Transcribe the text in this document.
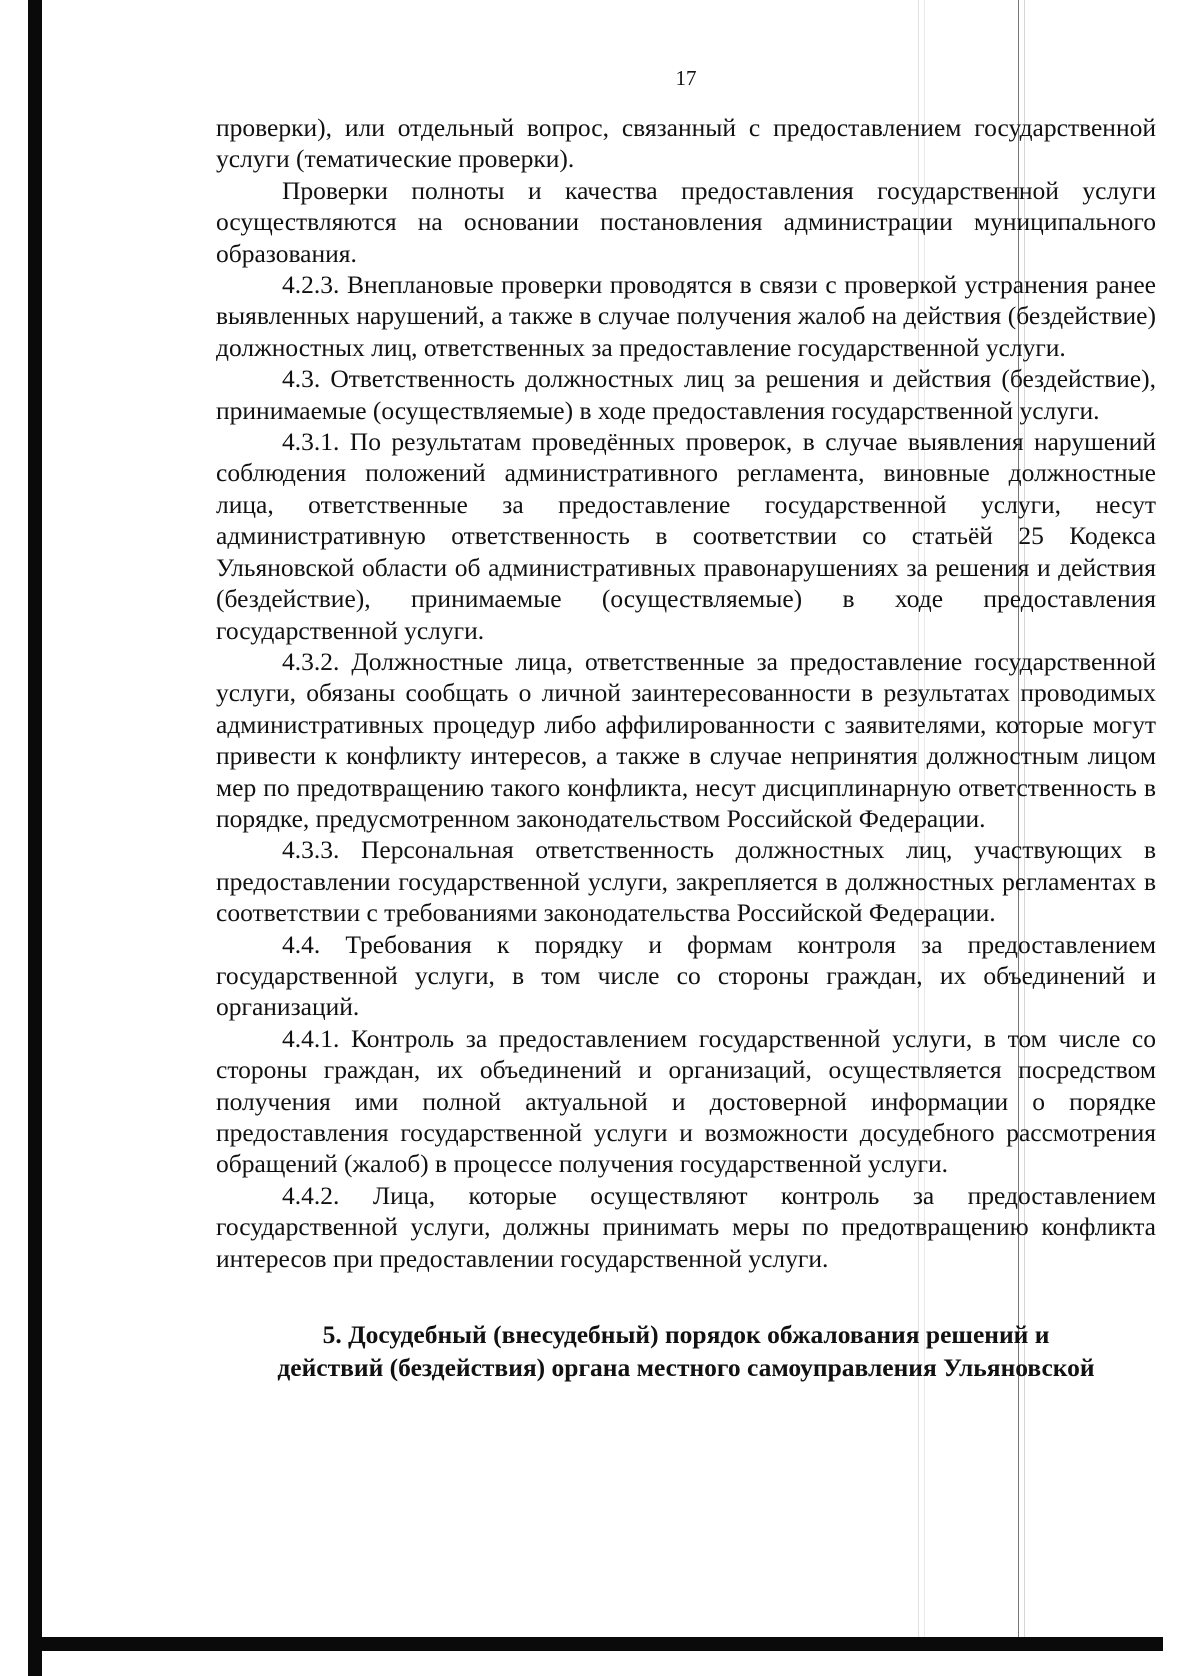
17

проверки), или отдельный вопрос, связанный с предоставлением государственной услуги (тематические проверки).

Проверки полноты и качества предоставления государственной услуги осуществляются на основании постановления администрации муниципального образования.

4.2.3. Внеплановые проверки проводятся в связи с проверкой устранения ранее выявленных нарушений, а также в случае получения жалоб на действия (бездействие) должностных лиц, ответственных за предоставление государственной услуги.

4.3. Ответственность должностных лиц за решения и действия (бездействие), принимаемые (осуществляемые) в ходе предоставления государственной услуги.

4.3.1. По результатам проведённых проверок, в случае выявления нарушений соблюдения положений административного регламента, виновные должностные лица, ответственные за предоставление государственной услуги, несут административную ответственность в соответствии со статьёй 25 Кодекса Ульяновской области об административных правонарушениях за решения и действия (бездействие), принимаемые (осуществляемые) в ходе предоставления государственной услуги.

4.3.2. Должностные лица, ответственные за предоставление государственной услуги, обязаны сообщать о личной заинтересованности в результатах проводимых административных процедур либо аффилированности с заявителями, которые могут привести к конфликту интересов, а также в случае непринятия должностным лицом мер по предотвращению такого конфликта, несут дисциплинарную ответственность в порядке, предусмотренном законодательством Российской Федерации.

4.3.3. Персональная ответственность должностных лиц, участвующих в предоставлении государственной услуги, закрепляется в должностных регламентах в соответствии с требованиями законодательства Российской Федерации.

4.4. Требования к порядку и формам контроля за предоставлением государственной услуги, в том числе со стороны граждан, их объединений и организаций.

4.4.1. Контроль за предоставлением государственной услуги, в том числе со стороны граждан, их объединений и организаций, осуществляется посредством получения ими полной актуальной и достоверной информации о порядке предоставления государственной услуги и возможности досудебного рассмотрения обращений (жалоб) в процессе получения государственной услуги.

4.4.2. Лица, которые осуществляют контроль за предоставлением государственной услуги, должны принимать меры по предотвращению конфликта интересов при предоставлении государственной услуги.

5. Досудебный (внесудебный) порядок обжалования решений и
действий (бездействия) органа местного самоуправления Ульяновской
